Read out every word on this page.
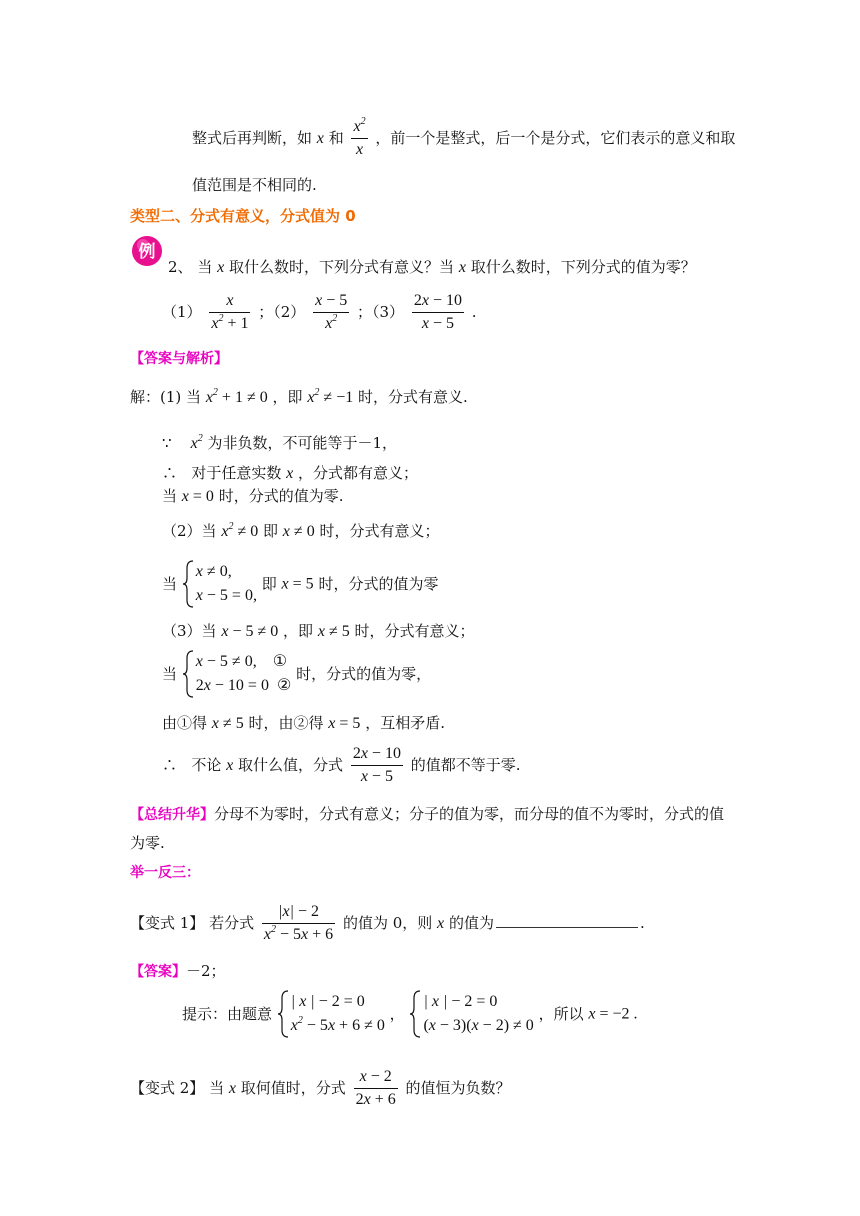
整式后再判断，如 x 和 $\frac{x^2}{x}$ ，前一个是整式，后一个是分式，它们表示的意义和取
值范围是不相同的.
类型二、分式有意义，分式值为 0
例
2、 当 x 取什么数时，下列分式有意义？当 x 取什么数时，下列分式的值为零？
$(1) \frac{x}{x^2 + 1}$ ；$(2) \frac{x - 5}{x^2}$ ；$(3) \frac{2x - 10}{x - 5}$ .
【答案与解析】
解：(1) 当 $x^2 + 1 \ne 0$ ，即 $x^2 \ne -1$ 时，分式有意义.
∵ $x^2$ 为非负数，不可能等于－1，
∴ 对于任意实数 x ，分式都有意义；
当 x = 0 时，分式的值为零.
（2）当 $x^2 \ne 0$ 即 x ≠ 0 时，分式有意义；
当
x ≠ 0,
x − 5 = 0,
即 x = 5 时，分式的值为零
（3）当 x − 5 ≠ 0 ，即 x ≠ 5 时，分式有意义；
当
x − 5 ≠ 0, ①
2x − 10 = 0 ②
时，分式的值为零，
由①得 x ≠ 5 时，由②得 x = 5 ，互相矛盾.
∴ 不论 x 取什么值，分式 $\frac{2x - 10}{x - 5}$ 的值都不等于零.
【总结升华】分母不为零时，分式有意义；分子的值为零，而分母的值不为零时，分式的值
为零.
举一反三：
【变式 1】 若分式 $\frac{|x| - 2}{x^2 - 5x + 6}$ 的值为 0，则 x 的值为	.
【答案】－2；
提示：由题意
| x | − 2 = 0
$x^2 - 5x + 6 \ne 0$
，
| x | − 2 = 0
(x − 3)(x − 2) ≠ 0
，所以 x = −2 .
【变式 2】 当 x 取何值时，分式 $\frac{x - 2}{2x + 6}$ 的值恒为负数？
